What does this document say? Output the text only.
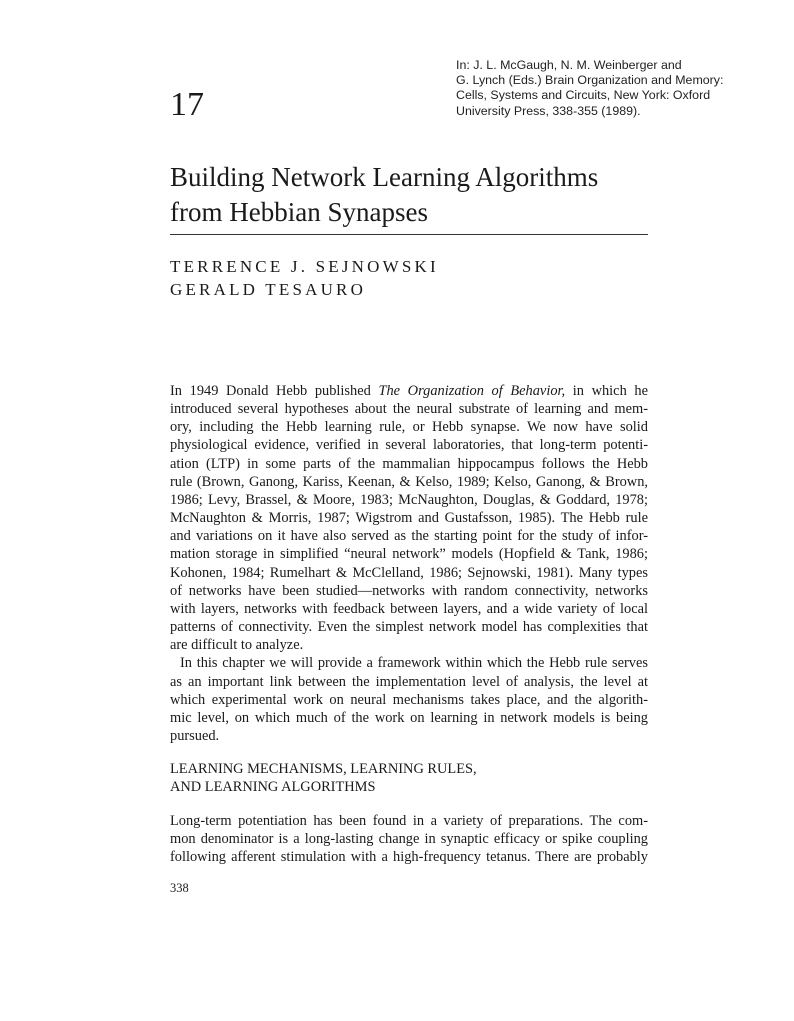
In: J. L. McGaugh, N. M. Weinberger and
G. Lynch (Eds.) Brain Organization and Memory:
Cells, Systems and Circuits, New York: Oxford
University Press, 338-355 (1989).
17
Building Network Learning Algorithms
from Hebbian Synapses
TERRENCE J. SEJNOWSKI
GERALD TESAURO
In 1949 Donald Hebb published The Organization of Behavior, in which he
introduced several hypotheses about the neural substrate of learning and mem-
ory, including the Hebb learning rule, or Hebb synapse. We now have solid
physiological evidence, verified in several laboratories, that long-term potenti-
ation (LTP) in some parts of the mammalian hippocampus follows the Hebb
rule (Brown, Ganong, Kariss, Keenan, & Kelso, 1989; Kelso, Ganong, & Brown,
1986; Levy, Brassel, & Moore, 1983; McNaughton, Douglas, & Goddard, 1978;
McNaughton & Morris, 1987; Wigstrom and Gustafsson, 1985). The Hebb rule
and variations on it have also served as the starting point for the study of infor-
mation storage in simplified “neural network” models (Hopfield & Tank, 1986;
Kohonen, 1984; Rumelhart & McClelland, 1986; Sejnowski, 1981). Many types
of networks have been studied—networks with random connectivity, networks
with layers, networks with feedback between layers, and a wide variety of local
patterns of connectivity. Even the simplest network model has complexities that
are difficult to analyze.
In this chapter we will provide a framework within which the Hebb rule serves
as an important link between the implementation level of analysis, the level at
which experimental work on neural mechanisms takes place, and the algorith-
mic level, on which much of the work on learning in network models is being
pursued.
LEARNING MECHANISMS, LEARNING RULES,
AND LEARNING ALGORITHMS
Long-term potentiation has been found in a variety of preparations. The com-
mon denominator is a long-lasting change in synaptic efficacy or spike coupling
following afferent stimulation with a high-frequency tetanus. There are probably
338
